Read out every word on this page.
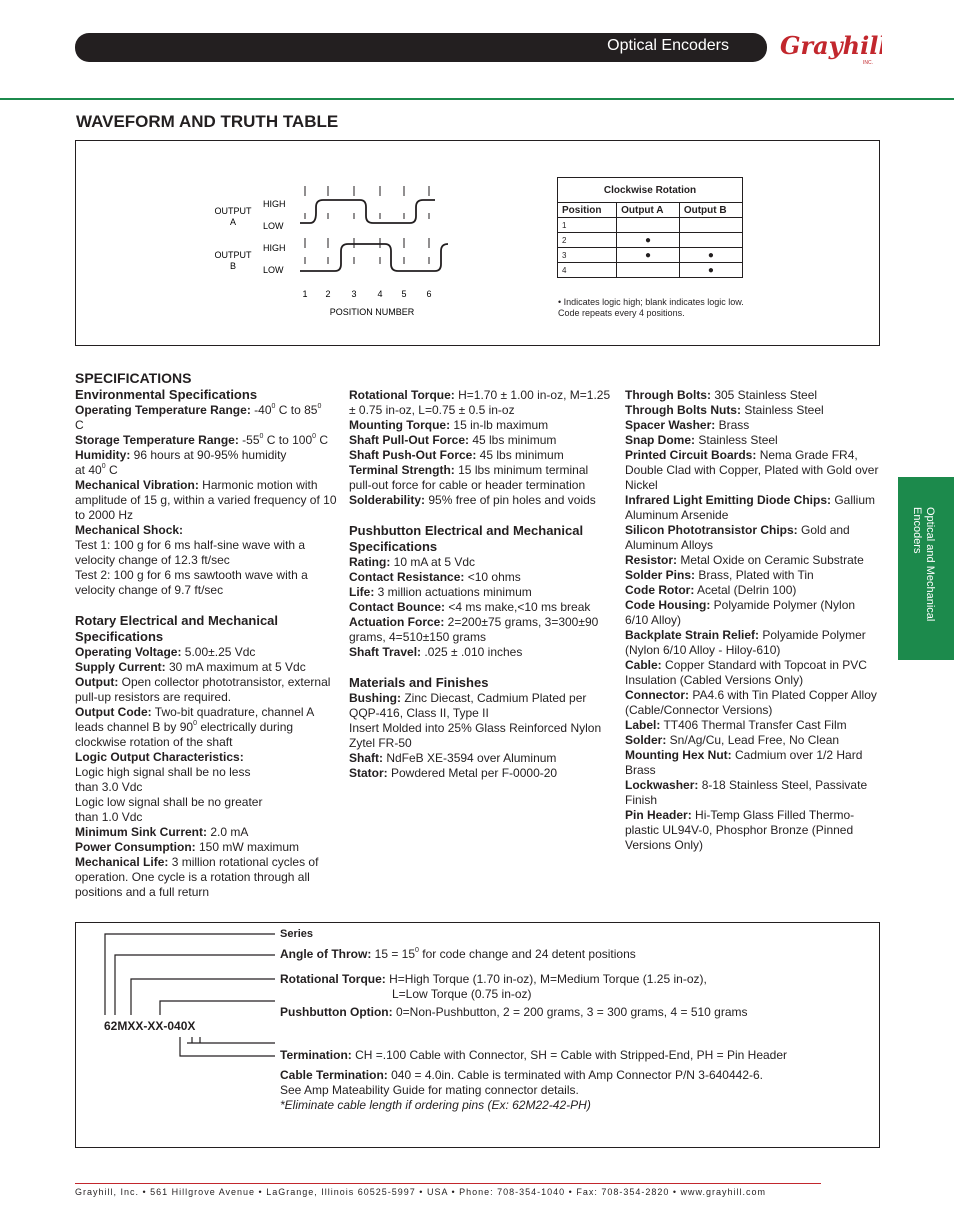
Optical Encoders Grayhill
INC.
WAVEFORM AND TRUTH TABLE
OUTPUT
A
OUTPUT
B
HIGH
LOW
HIGH
LOW
1 2 3 4 5 6
POSITION NUMBER
Clockwise Rotation		
Position	Output A	Output B
1		
2	●	
3	●	●
4		●
• Indicates logic high; blank indicates logic low. Code repeats every 4 positions.
SPECIFICATIONS
Environmental Specifications

Operating Temperature Range: $-40^0$ C to $85^0$
C

Storage Temperature Range: $-55^0$ C to $100^0$ C

Humidity: 96 hours at 90-95% humidity
at $40^0$ C

Mechanical Vibration: Harmonic motion with amplitude of 15 g, within a varied frequency of 10 to 2000 Hz

Mechanical Shock:

Test 1: 100 g for 6 ms half-sine wave with a velocity change of 12.3 ft/sec

Test 2: 100 g for 6 ms sawtooth wave with a velocity change of 9.7 ft/sec

Rotary Electrical and Mechanical Specifications

Operating Voltage: 5.00±.25 Vdc

Supply Current: 30 mA maximum at 5 Vdc

Output: Open collector phototransistor, external pull-up resistors are required.

Output Code: Two-bit quadrature, channel A leads channel B by $90^0$ electrically during clockwise rotation of the shaft

Logic Output Characteristics:

Logic high signal shall be no less

than 3.0 Vdc

Logic low signal shall be no greater

than 1.0 Vdc

Minimum Sink Current: 2.0 mA

Power Consumption: 150 mW maximum

Mechanical Life: 3 million rotational cycles of operation. One cycle is a rotation through all positions and a full return

Rotational Torque: H=1.70 ± 1.00 in-oz, M=1.25 ± 0.75 in-oz, L=0.75 ± 0.5 in-oz

Mounting Torque: 15 in-lb maximum

Shaft Pull-Out Force: 45 lbs minimum

Shaft Push-Out Force: 45 lbs minimum

Terminal Strength: 15 lbs minimum terminal pull-out force for cable or header termination

Solderability: 95% free of pin holes and voids

Pushbutton Electrical and Mechanical Specifications

Rating: 10 mA at 5 Vdc

Contact Resistance: <10 ohms

Life: 3 million actuations minimum

Contact Bounce: <4 ms make,<10 ms break

Actuation Force: 2=200±75 grams, 3=300±90 grams, 4=510±150 grams

Shaft Travel: .025 ± .010 inches

Materials and Finishes

Bushing: Zinc Diecast, Cadmium Plated per QQP-416, Class II, Type II

Insert Molded into 25% Glass Reinforced Nylon Zytel FR-50

Shaft: NdFeB XE-3594 over Aluminum

Stator: Powdered Metal per F-0000-20

Through Bolts: 305 Stainless Steel

Through Bolts Nuts: Stainless Steel

Spacer Washer: Brass

Snap Dome: Stainless Steel

Printed Circuit Boards: Nema Grade FR4, Double Clad with Copper, Plated with Gold over Nickel

Infrared Light Emitting Diode Chips: Gallium Aluminum Arsenide

Silicon Phototransistor Chips: Gold and Aluminum Alloys

Resistor: Metal Oxide on Ceramic Substrate

Solder Pins: Brass, Plated with Tin

Code Rotor: Acetal (Delrin 100)

Code Housing: Polyamide Polymer (Nylon 6/10 Alloy)

Backplate Strain Relief: Polyamide Polymer (Nylon 6/10 Alloy - Hiloy-610)

Cable: Copper Standard with Topcoat in PVC Insulation (Cabled Versions Only)

Connector: PA4.6 with Tin Plated Copper Alloy (Cable/Connector Versions)

Label: TT406 Thermal Transfer Cast Film

Solder: Sn/Ag/Cu, Lead Free, No Clean

Mounting Hex Nut: Cadmium over 1/2 Hard Brass

Lockwasher: 8-18 Stainless Steel, Passivate Finish

Pin Header: Hi-Temp Glass Filled Thermo-plastic UL94V-0, Phosphor Bronze (Pinned Versions Only)

Optical and Mechanical Encoders
62MXX-XX-040X
Series
Angle of Throw: $15 = 15^0$ for code change and 24 detent positions
Rotational Torque: H=High Torque (1.70 in-oz), M=Medium Torque (1.25 in-oz),
L=Low Torque (0.75 in-oz)
Pushbutton Option: 0=Non-Pushbutton, 2 = 200 grams, 3 = 300 grams, 4 = 510 grams
Termination: CH =.100 Cable with Connector, SH = Cable with Stripped-End, PH = Pin Header
Cable Termination: 040 = 4.0in. Cable is terminated with Amp Connector P/N 3-640442-6.
See Amp Mateability Guide for mating connector details.
*Eliminate cable length if ordering pins (Ex: 62M22-42-PH)
Grayhill, Inc. • 561 Hillgrove Avenue • LaGrange, Illinois 60525-5997 • USA • Phone: 708-354-1040 • Fax: 708-354-2820 • www.grayhill.com
